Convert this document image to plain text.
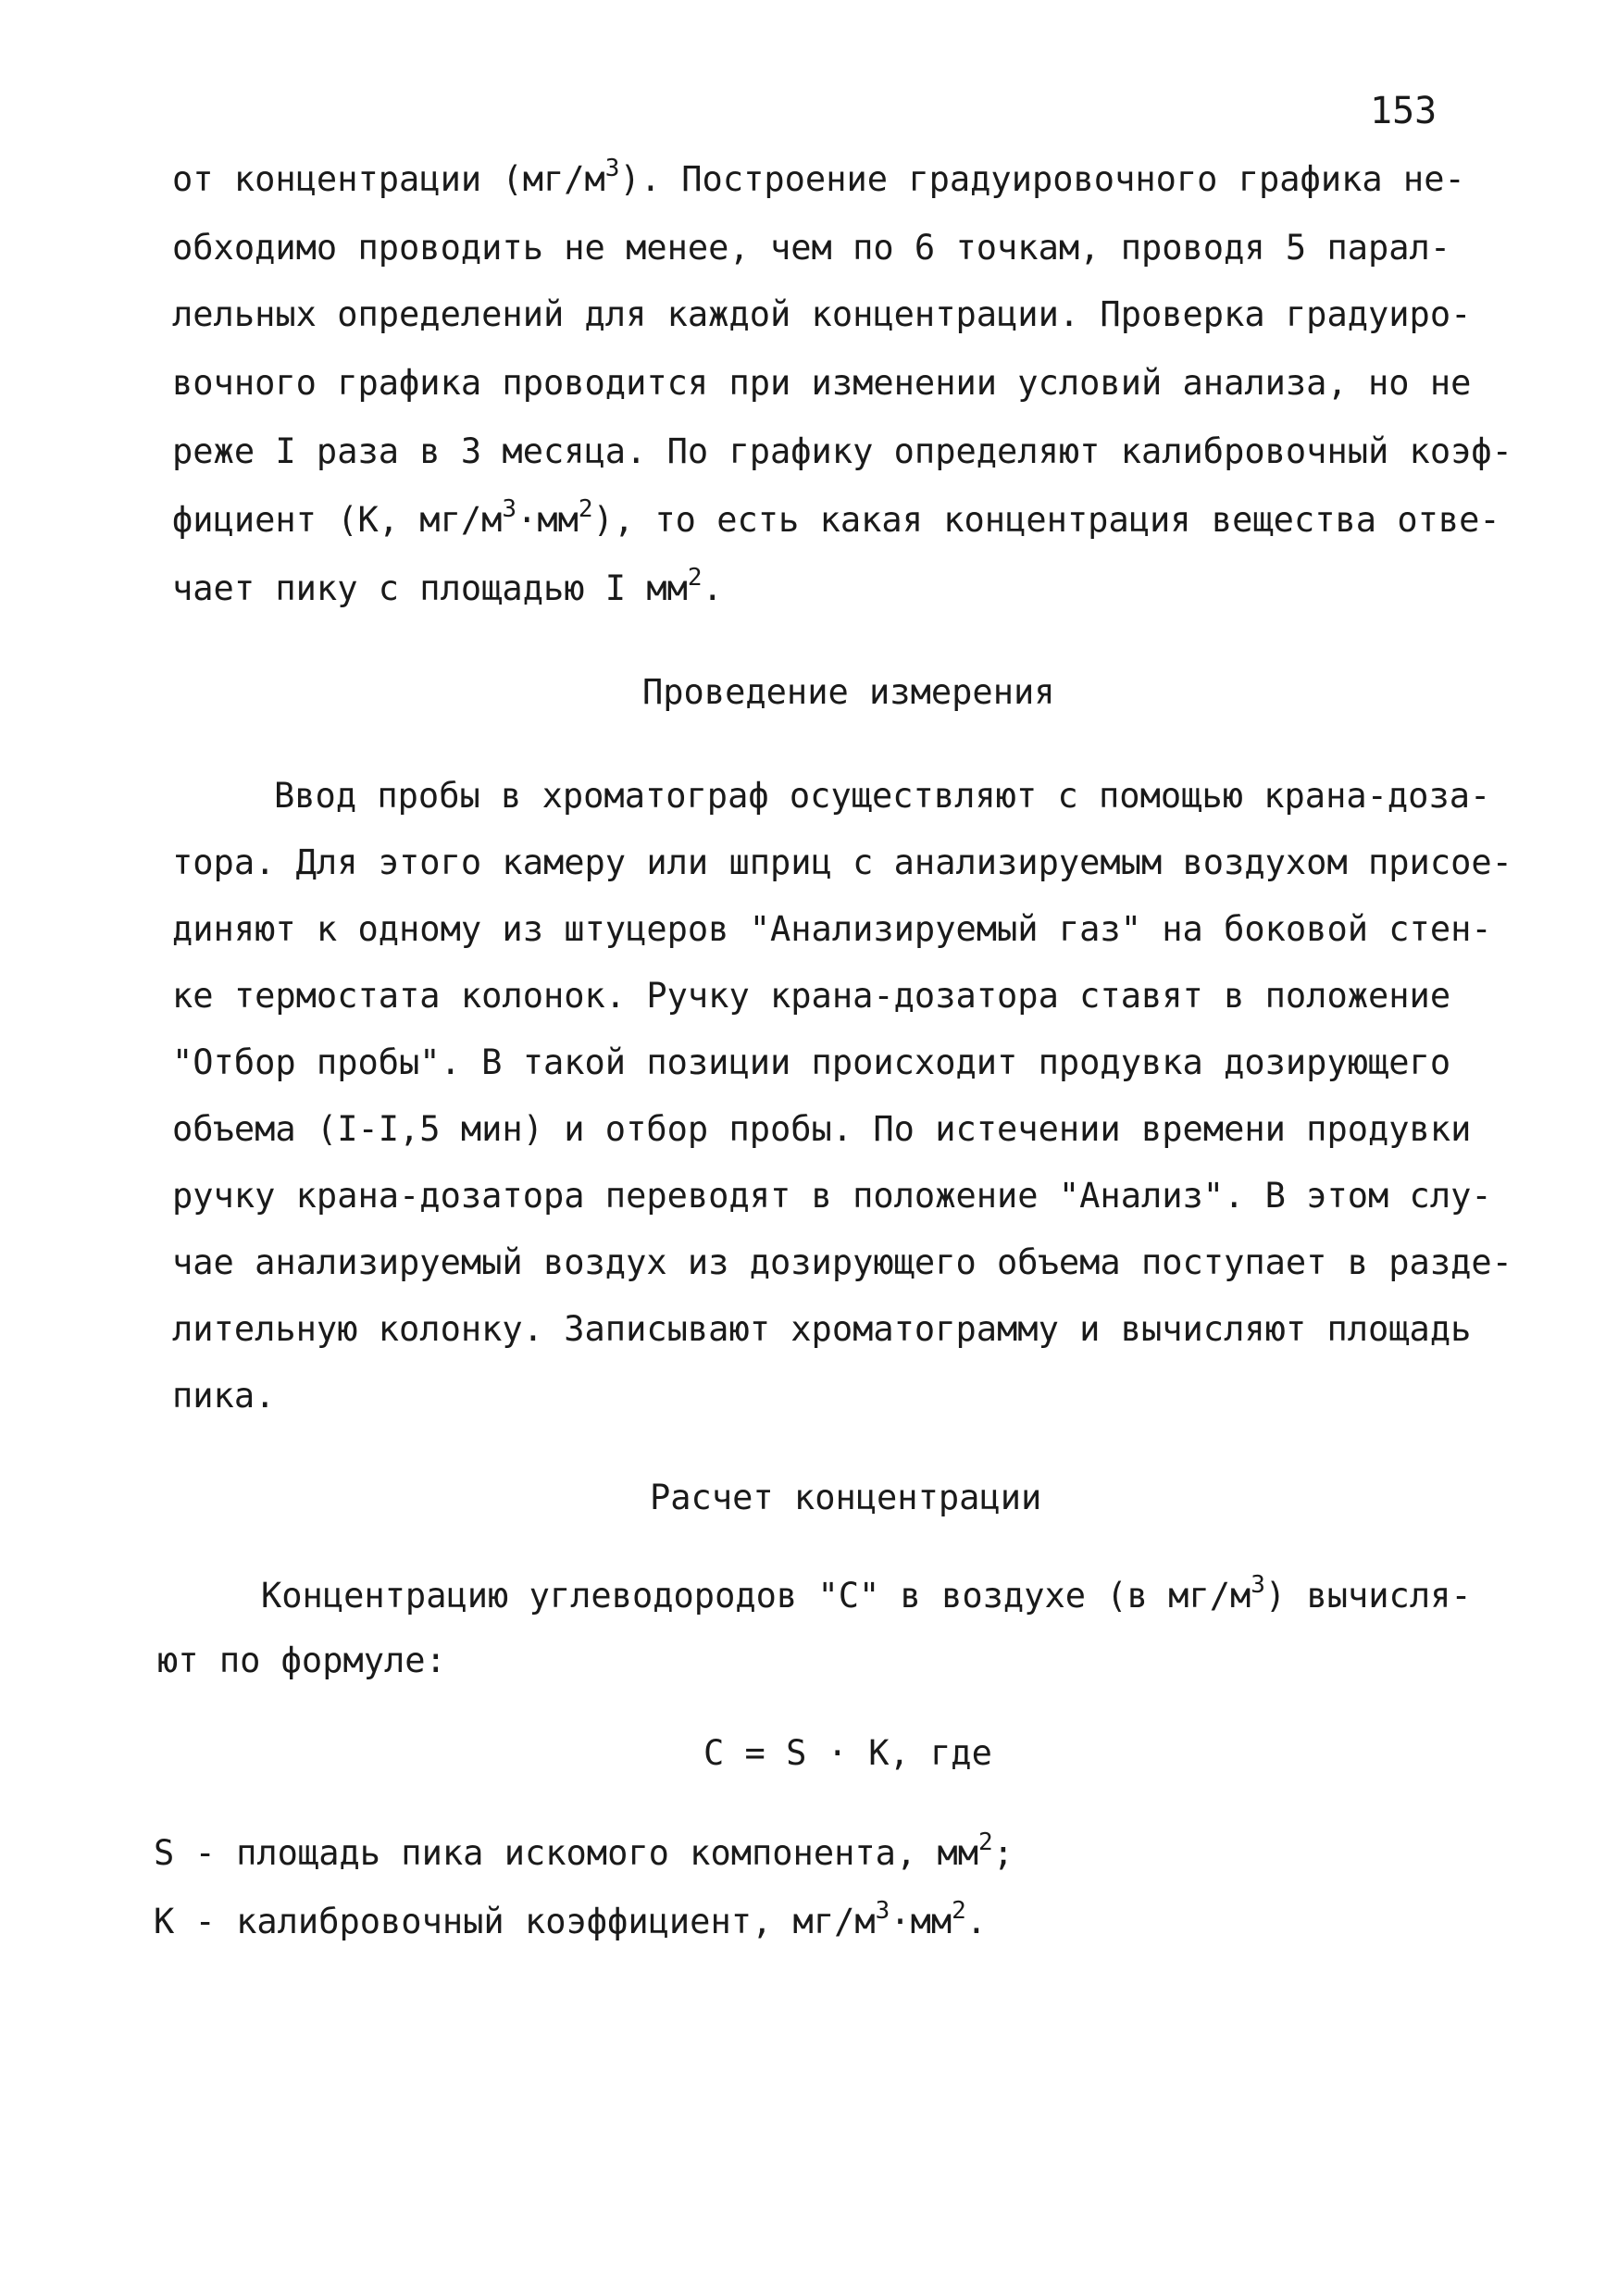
153
от концентрации $(мг/м^3)$. Построение градуировочного графика не-
обходимо проводить не менее, чем по 6 точкам, проводя 5 парал-
лельных определений для каждой концентрации. Проверка градуиро-
вочного графика проводится при изменении условий анализа, но не
реже I раза в 3 месяца. По графику определяют калибровочный коэф-
фициент (К, $мг/м^3\cdot мм^2$), то есть какая концентрация вещества отве-
чает пику с площадью I $мм^2$.
Проведение измерения
Ввод пробы в хроматограф осуществляют с помощью крана-доза-
тора. Для этого камеру или шприц с анализируемым воздухом присое-
диняют к одному из штуцеров "Анализируемый газ" на боковой стен-
ке термостата колонок. Ручку крана-дозатора ставят в положение
"Отбор пробы". В такой позиции происходит продувка дозирующего
объема (I-I,5 мин) и отбор пробы. По истечении времени продувки
ручку крана-дозатора переводят в положение "Анализ". В этом слу-
чае анализируемый воздух из дозирующего объема поступает в разде-
лительную колонку. Записывают хроматограмму и вычисляют площадь
пика.
Расчет концентрации
Концентрацию углеводородов "С" в воздухе (в $мг/м^3$) вычисля-
ют по формуле:
С = S · К, где
S - площадь пика искомого компонента, $мм^2$;
К - калибровочный коэффициент, $мг/м^3\cdot мм^2$.
